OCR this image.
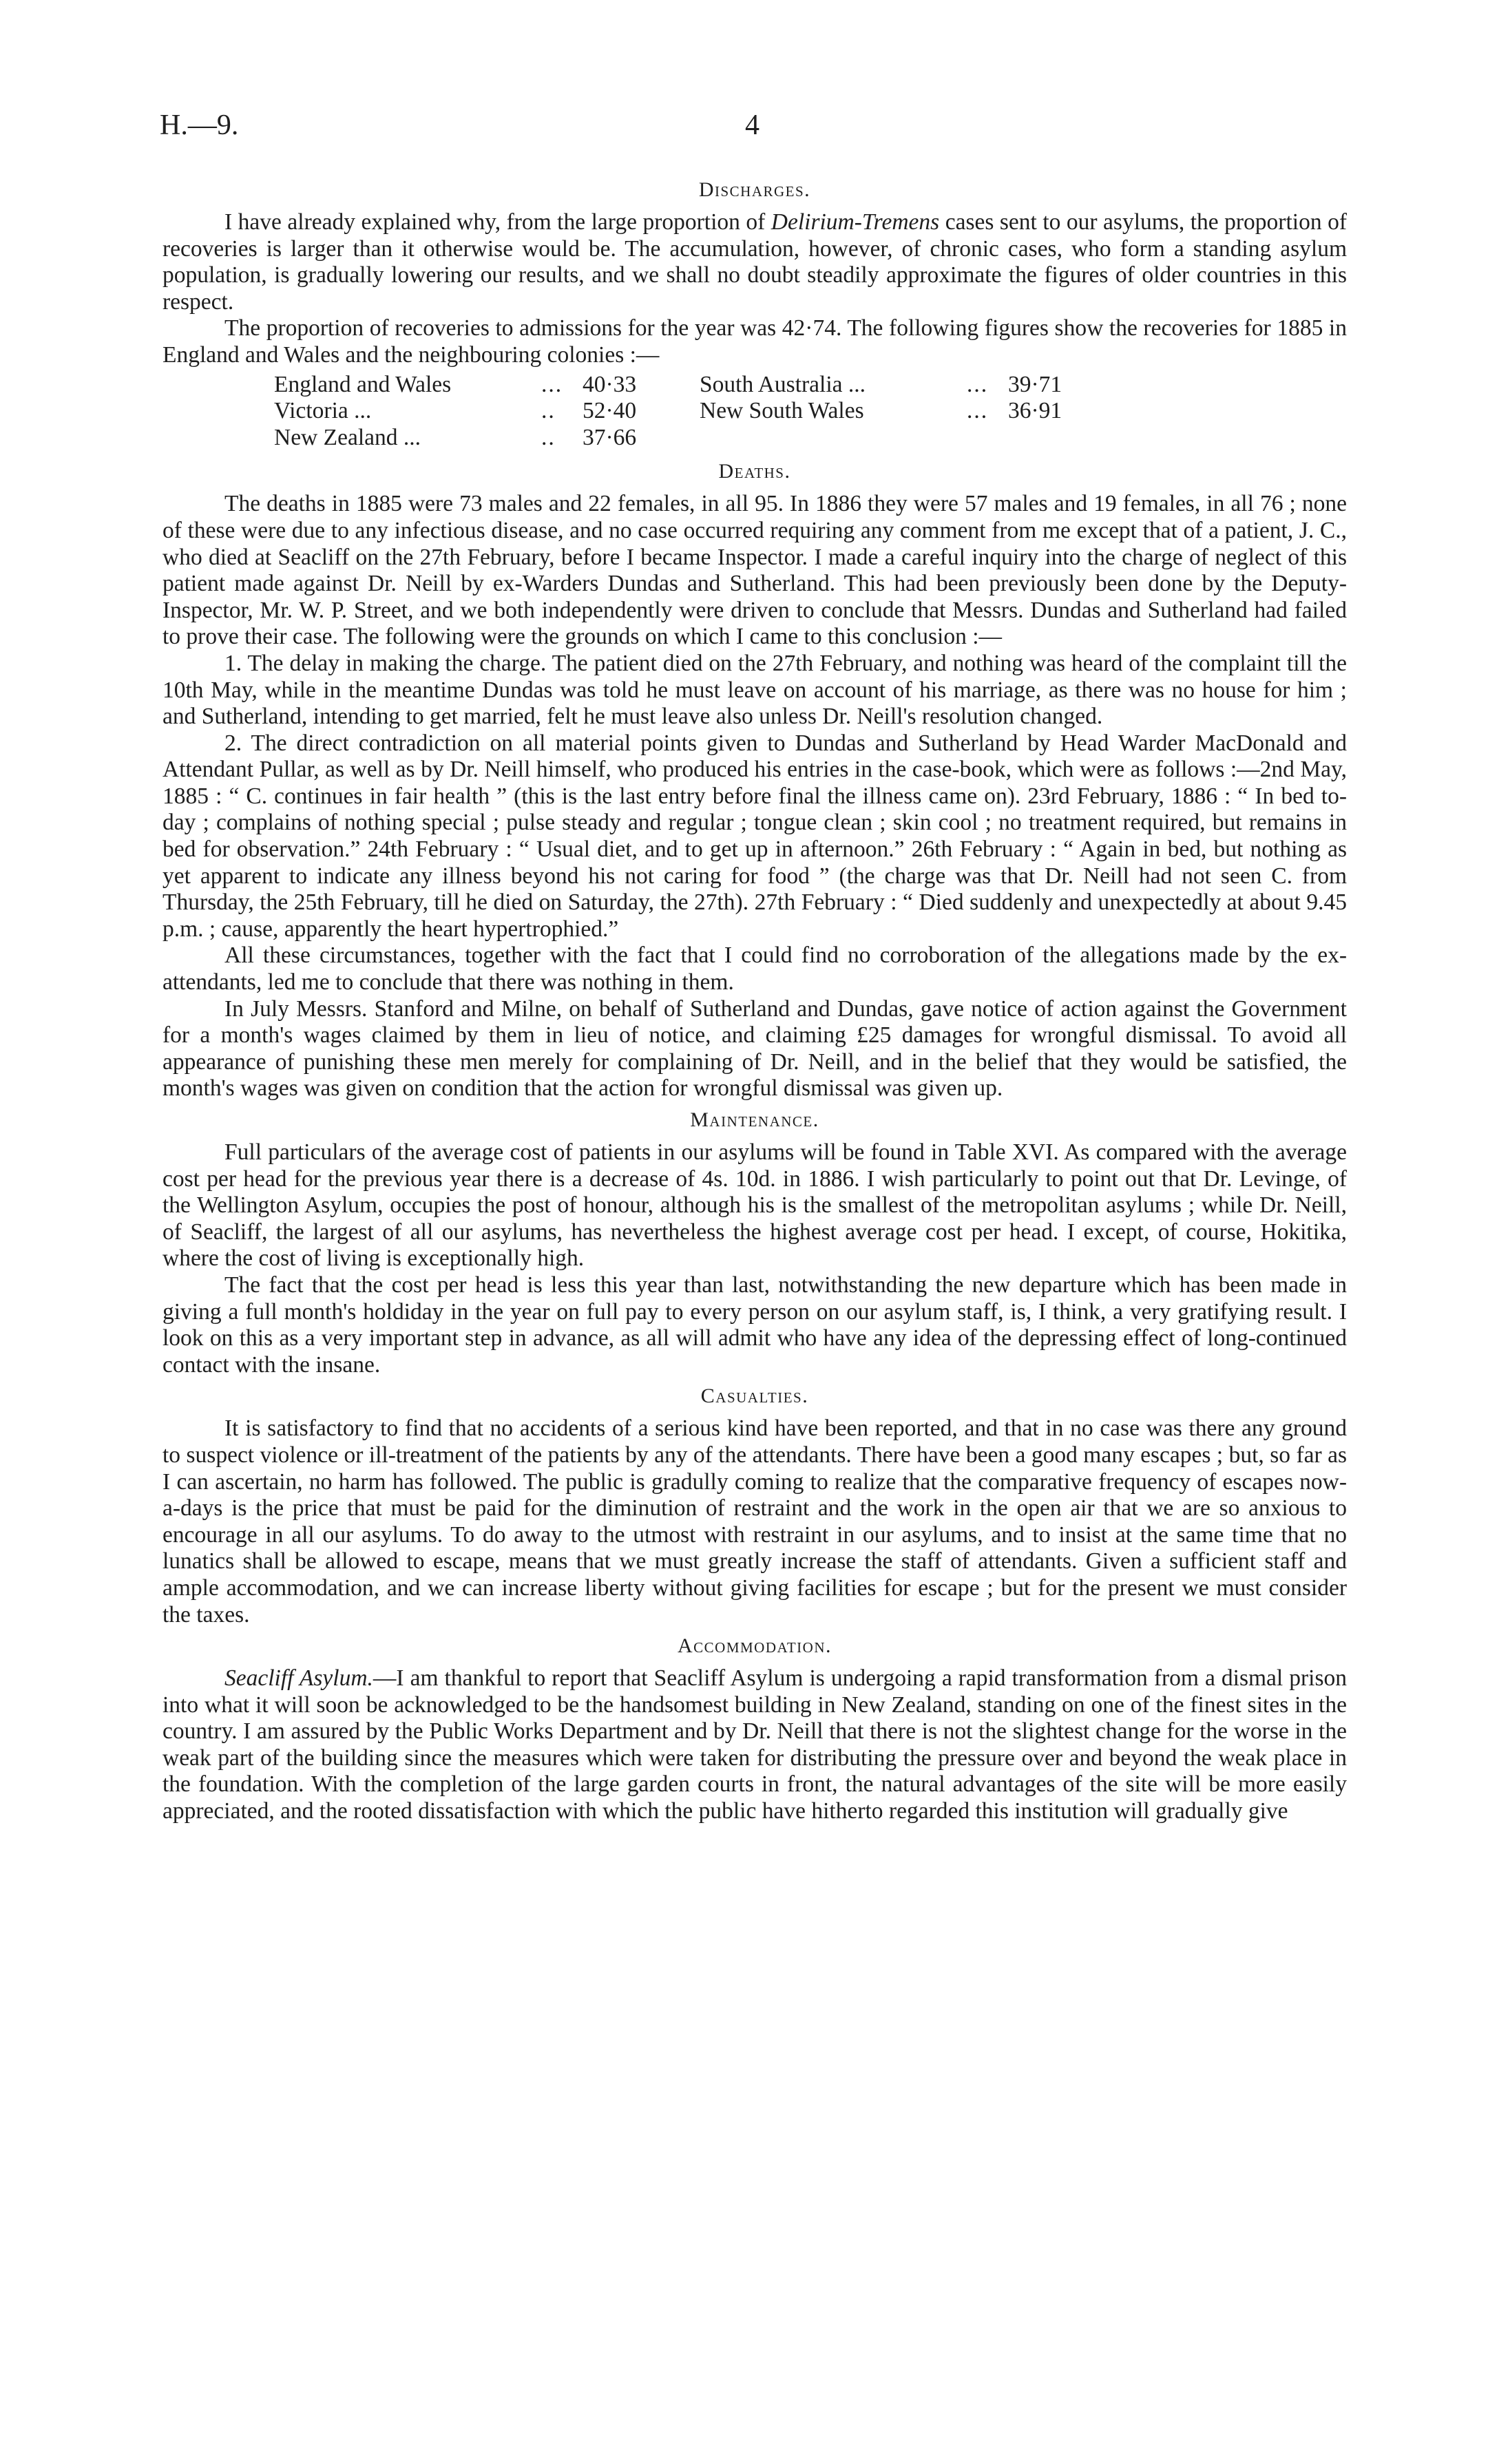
H.—9.	4
Discharges.

I have already explained why, from the large proportion of Delirium-Tremens cases sent to our asylums, the proportion of recoveries is larger than it otherwise would be. The accumulation, however, of chronic cases, who form a standing asylum population, is gradually lowering our results, and we shall no doubt steadily approximate the figures of older countries in this respect.

The proportion of recoveries to admissions for the year was 42·74. The following figures show the recoveries for 1885 in England and Wales and the neighbouring colonies :—

England and Wales	...	40·33	South Australia ...	...	39·71
Victoria ...	..	52·40	New South Wales	...	36·91
New Zealand ...	..	37·66			
Deaths.

The deaths in 1885 were 73 males and 22 females, in all 95. In 1886 they were 57 males and 19 females, in all 76 ; none of these were due to any infectious disease, and no case occurred requiring any comment from me except that of a patient, J. C., who died at Seacliff on the 27th February, before I became Inspector. I made a careful inquiry into the charge of neglect of this patient made against Dr. Neill by ex-Warders Dundas and Sutherland. This had been previously been done by the Deputy-Inspector, Mr. W. P. Street, and we both independently were driven to conclude that Messrs. Dundas and Sutherland had failed to prove their case. The following were the grounds on which I came to this conclusion :—

1. The delay in making the charge. The patient died on the 27th February, and nothing was heard of the complaint till the 10th May, while in the meantime Dundas was told he must leave on account of his marriage, as there was no house for him ; and Sutherland, intending to get married, felt he must leave also unless Dr. Neill's resolution changed.

2. The direct contradiction on all material points given to Dundas and Sutherland by Head Warder MacDonald and Attendant Pullar, as well as by Dr. Neill himself, who produced his entries in the case-book, which were as follows :—2nd May, 1885 : “ C. continues in fair health ” (this is the last entry before final the illness came on). 23rd February, 1886 : “ In bed to-day ; complains of nothing special ; pulse steady and regular ; tongue clean ; skin cool ; no treatment required, but remains in bed for observation.” 24th February : “ Usual diet, and to get up in afternoon.” 26th February : “ Again in bed, but nothing as yet apparent to indicate any illness beyond his not caring for food ” (the charge was that Dr. Neill had not seen C. from Thursday, the 25th February, till he died on Saturday, the 27th). 27th February : “ Died suddenly and unexpectedly at about 9.45 p.m. ; cause, apparently the heart hypertrophied.”

All these circumstances, together with the fact that I could find no corroboration of the allegations made by the ex-attendants, led me to conclude that there was nothing in them.

In July Messrs. Stanford and Milne, on behalf of Sutherland and Dundas, gave notice of action against the Government for a month's wages claimed by them in lieu of notice, and claiming £25 damages for wrongful dismissal. To avoid all appearance of punishing these men merely for complaining of Dr. Neill, and in the belief that they would be satisfied, the month's wages was given on condition that the action for wrongful dismissal was given up.

Maintenance.

Full particulars of the average cost of patients in our asylums will be found in Table XVI. As compared with the average cost per head for the previous year there is a decrease of 4s. 10d. in 1886. I wish particularly to point out that Dr. Levinge, of the Wellington Asylum, occupies the post of honour, although his is the smallest of the metropolitan asylums ; while Dr. Neill, of Seacliff, the largest of all our asylums, has nevertheless the highest average cost per head. I except, of course, Hokitika, where the cost of living is exceptionally high.

The fact that the cost per head is less this year than last, notwithstanding the new departure which has been made in giving a full month's holdiday in the year on full pay to every person on our asylum staff, is, I think, a very gratifying result. I look on this as a very important step in advance, as all will admit who have any idea of the depressing effect of long-continued contact with the insane.

Casualties.

It is satisfactory to find that no accidents of a serious kind have been reported, and that in no case was there any ground to suspect violence or ill-treatment of the patients by any of the attendants. There have been a good many escapes ; but, so far as I can ascertain, no harm has followed. The public is gradully coming to realize that the comparative frequency of escapes now-a-days is the price that must be paid for the diminution of restraint and the work in the open air that we are so anxious to encourage in all our asylums. To do away to the utmost with restraint in our asylums, and to insist at the same time that no lunatics shall be allowed to escape, means that we must greatly increase the staff of attendants. Given a sufficient staff and ample accommodation, and we can increase liberty without giving facilities for escape ; but for the present we must consider the taxes.

Accommodation.

Seacliff Asylum.—I am thankful to report that Seacliff Asylum is undergoing a rapid transformation from a dismal prison into what it will soon be acknowledged to be the handsomest building in New Zealand, standing on one of the finest sites in the country. I am assured by the Public Works Department and by Dr. Neill that there is not the slightest change for the worse in the weak part of the building since the measures which were taken for distributing the pressure over and beyond the weak place in the foundation. With the completion of the large garden courts in front, the natural advantages of the site will be more easily appreciated, and the rooted dissatisfaction with which the public have hitherto regarded this institution will gradually give
